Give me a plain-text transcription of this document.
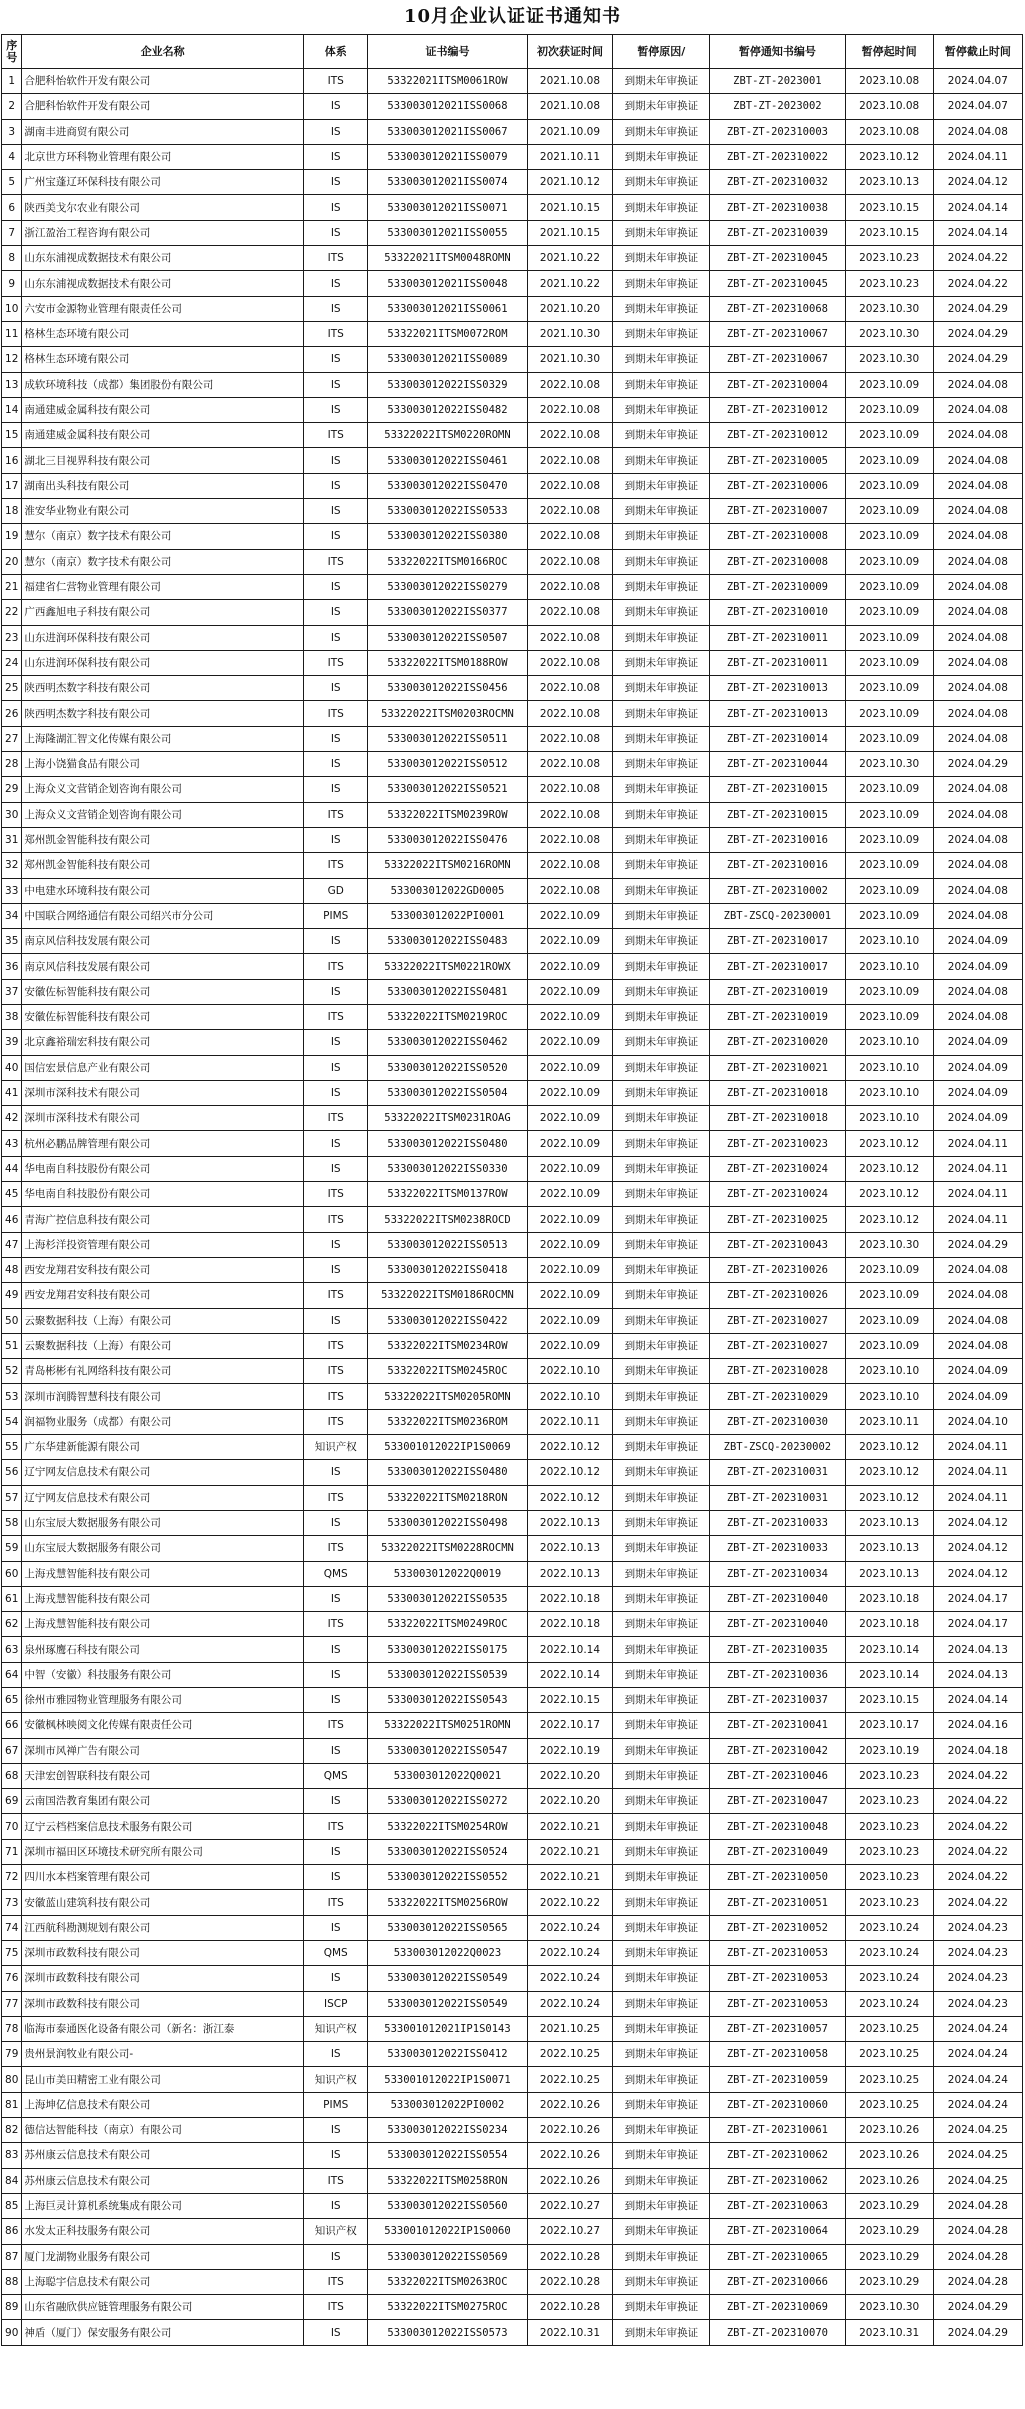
10月企业认证证书通知书
序号	企业名称	体系	证书编号	初次获证时间	暂停原因/	暂停通知书编号	暂停起时间	暂停截止时间
1	合肥科怡软件开发有限公司	ITS	53322021ITSM0061ROW	2021.10.08	到期未年审换证	ZBT-ZT-2023001	2023.10.08	2024.04.07
2	合肥科怡软件开发有限公司	IS	53300301​2021ISS0068	2021.10.08	到期未年审换证	ZBT-ZT-2023002	2023.10.08	2024.04.07
3	湖南丰进商贸有限公司	IS	533003012021ISS0067	2021.10.09	到期未年审换证	ZBT-ZT-202310003	2023.10.08	2024.04.08
4	北京世方环科物业管理有限公司	IS	533003012021ISS0079	2021.10.11	到期未年审换证	ZBT-ZT-202310022	2023.10.12	2024.04.11
5	广州宝蓬辽环保科技有限公司	IS	533003012021ISS0074	2021.10.12	到期未年审换证	ZBT-ZT-202310032	2023.10.13	2024.04.12
6	陕西美戈尔农业有限公司	IS	533003012021ISS0071	2021.10.15	到期未年审换证	ZBT-ZT-202310038	2023.10.15	2024.04.14
7	浙江盈治工程咨询有限公司	IS	533003012021ISS0055	2021.10.15	到期未年审换证	ZBT-ZT-202310039	2023.10.15	2024.04.14
8	山东东浦视成数据技术有限公司	ITS	53322021ITSM0048ROMN	2021.10.22	到期未年审换证	ZBT-ZT-202310045	2023.10.23	2024.04.22
9	山东东浦视成数据技术有限公司	IS	533003012021ISS0048	2021.10.22	到期未年审换证	ZBT-ZT-202310045	2023.10.23	2024.04.22
10	六安市金源物业管理有限责任公司	IS	533003012021ISS0061	2021.10.20	到期未年审换证	ZBT-ZT-202310068	2023.10.30	2024.04.29
11	格林生态环境有限公司	ITS	53322021ITSM0072ROM	2021.10.30	到期未年审换证	ZBT-ZT-202310067	2023.10.30	2024.04.29
12	格林生态环境有限公司	IS	533003012021ISS0089	2021.10.30	到期未年审换证	ZBT-ZT-202310067	2023.10.30	2024.04.29
13	成软环境科技（成都）集团股份有限公司	IS	533003012022ISS0329	2022.10.08	到期未年审换证	ZBT-ZT-202310004	2023.10.09	2024.04.08
14	南通建威金属科技有限公司	IS	533003012022ISS0482	2022.10.08	到期未年审换证	ZBT-ZT-202310012	2023.10.09	2024.04.08
15	南通建威金属科技有限公司	ITS	53322022ITSM0220ROMN	2022.10.08	到期未年审换证	ZBT-ZT-202310012	2023.10.09	2024.04.08
16	湖北三目视界科技有限公司	IS	533003012022ISS0461	2022.10.08	到期未年审换证	ZBT-ZT-202310005	2023.10.09	2024.04.08
17	湖南出头科技有限公司	IS	533003012022ISS0470	2022.10.08	到期未年审换证	ZBT-ZT-202310006	2023.10.09	2024.04.08
18	淮安华业物业有限公司	IS	533003012022ISS0533	2022.10.08	到期未年审换证	ZBT-ZT-202310007	2023.10.09	2024.04.08
19	慧尔（南京）数字技术有限公司	IS	533003012022ISS0380	2022.10.08	到期未年审换证	ZBT-ZT-202310008	2023.10.09	2024.04.08
20	慧尔（南京）数字技术有限公司	ITS	53322022ITSM0166ROC	2022.10.08	到期未年审换证	ZBT-ZT-202310008	2023.10.09	2024.04.08
21	福建省仁营物业管理有限公司	IS	533003012022ISS0279	2022.10.08	到期未年审换证	ZBT-ZT-202310009	2023.10.09	2024.04.08
22	广西鑫旭电子科技有限公司	IS	533003012022ISS0377	2022.10.08	到期未年审换证	ZBT-ZT-202310010	2023.10.09	2024.04.08
23	山东进润环保科技有限公司	IS	533003012022ISS0507	2022.10.08	到期未年审换证	ZBT-ZT-202310011	2023.10.09	2024.04.08
24	山东进润环保科技有限公司	ITS	53322022ITSM0188ROW	2022.10.08	到期未年审换证	ZBT-ZT-202310011	2023.10.09	2024.04.08
25	陕西明杰数字科技有限公司	IS	533003012022ISS0456	2022.10.08	到期未年审换证	ZBT-ZT-202310013	2023.10.09	2024.04.08
26	陕西明杰数字科技有限公司	ITS	53322022ITSM0203ROCMN	2022.10.08	到期未年审换证	ZBT-ZT-202310013	2023.10.09	2024.04.08
27	上海隆湖汇智文化传媒有限公司	IS	533003012022ISS0511	2022.10.08	到期未年审换证	ZBT-ZT-202310014	2023.10.09	2024.04.08
28	上海小饶猫食品有限公司	IS	533003012022ISS0512	2022.10.08	到期未年审换证	ZBT-ZT-202310044	2023.10.30	2024.04.29
29	上海众义文营销企划咨询有限公司	IS	533003012022ISS0521	2022.10.08	到期未年审换证	ZBT-ZT-202310015	2023.10.09	2024.04.08
30	上海众义文营销企划咨询有限公司	ITS	53322022ITSM0239ROW	2022.10.08	到期未年审换证	ZBT-ZT-202310015	2023.10.09	2024.04.08
31	郑州凯金智能科技有限公司	IS	533003012022ISS0476	2022.10.08	到期未年审换证	ZBT-ZT-202310016	2023.10.09	2024.04.08
32	郑州凯金智能科技有限公司	ITS	53322022ITSM0216ROMN	2022.10.08	到期未年审换证	ZBT-ZT-202310016	2023.10.09	2024.04.08
33	中电建水环境科技有限公司	GD	533003012022GD0005	2022.10.08	到期未年审换证	ZBT-ZT-202310002	2023.10.09	2024.04.08
34	中国联合网络通信有限公司绍兴市分公司	PIMS	533003012022PI0001	2022.10.09	到期未年审换证	ZBT-ZSCQ-20230001	2023.10.09	2024.04.08
35	南京风信科技发展有限公司	IS	533003012022ISS0483	2022.10.09	到期未年审换证	ZBT-ZT-202310017	2023.10.10	2024.04.09
36	南京风信科技发展有限公司	ITS	53322022ITSM0221ROWX	2022.10.09	到期未年审换证	ZBT-ZT-202310017	2023.10.10	2024.04.09
37	安徽佐标智能科技有限公司	IS	533003012022ISS0481	2022.10.09	到期未年审换证	ZBT-ZT-202310019	2023.10.09	2024.04.08
38	安徽佐标智能科技有限公司	ITS	53322022ITSM0219ROC	2022.10.09	到期未年审换证	ZBT-ZT-202310019	2023.10.09	2024.04.08
39	北京鑫裕瑞宏科技有限公司	IS	533003012022ISS0462	2022.10.09	到期未年审换证	ZBT-ZT-202310020	2023.10.10	2024.04.09
40	国信宏景信息产业有限公司	IS	533003012022ISS0520	2022.10.09	到期未年审换证	ZBT-ZT-202310021	2023.10.10	2024.04.09
41	深圳市深科技术有限公司	IS	533003012022ISS0504	2022.10.09	到期未年审换证	ZBT-ZT-202310018	2023.10.10	2024.04.09
42	深圳市深科技术有限公司	ITS	53322022ITSM0231ROAG	2022.10.09	到期未年审换证	ZBT-ZT-202310018	2023.10.10	2024.04.09
43	杭州必鹏品牌管理有限公司	IS	533003012022ISS0480	2022.10.09	到期未年审换证	ZBT-ZT-202310023	2023.10.12	2024.04.11
44	华电南自科技股份有限公司	IS	533003012022ISS0330	2022.10.09	到期未年审换证	ZBT-ZT-202310024	2023.10.12	2024.04.11
45	华电南自科技股份有限公司	ITS	53322022ITSM0137ROW	2022.10.09	到期未年审换证	ZBT-ZT-202310024	2023.10.12	2024.04.11
46	青海广控信息科技有限公司	ITS	53322022ITSM0238ROCD	2022.10.09	到期未年审换证	ZBT-ZT-202310025	2023.10.12	2024.04.11
47	上海杉洋投资管理有限公司	IS	533003012022ISS0513	2022.10.09	到期未年审换证	ZBT-ZT-202310043	2023.10.30	2024.04.29
48	西安龙翔君安科技有限公司	IS	533003012022ISS0418	2022.10.09	到期未年审换证	ZBT-ZT-202310026	2023.10.09	2024.04.08
49	西安龙翔君安科技有限公司	ITS	53322022ITSM0186ROCMN	2022.10.09	到期未年审换证	ZBT-ZT-202310026	2023.10.09	2024.04.08
50	云聚数据科技（上海）有限公司	IS	533003012022ISS0422	2022.10.09	到期未年审换证	ZBT-ZT-202310027	2023.10.09	2024.04.08
51	云聚数据科技（上海）有限公司	ITS	53322022ITSM0234ROW	2022.10.09	到期未年审换证	ZBT-ZT-202310027	2023.10.09	2024.04.08
52	青岛彬彬有礼网络科技有限公司	ITS	53322022ITSM0245ROC	2022.10.10	到期未年审换证	ZBT-ZT-202310028	2023.10.10	2024.04.09
53	深圳市润腾智慧科技有限公司	ITS	53322022ITSM0205ROMN	2022.10.10	到期未年审换证	ZBT-ZT-202310029	2023.10.10	2024.04.09
54	润福物业服务（成都）有限公司	ITS	53322022ITSM0236ROM	2022.10.11	到期未年审换证	ZBT-ZT-202310030	2023.10.11	2024.04.10
55	广东华建新能源有限公司	知识产权	533001012022IP1S0069	2022.10.12	到期未年审换证	ZBT-ZSCQ-20230002	2023.10.12	2024.04.11
56	辽宁网友信息技术有限公司	IS	533003012022ISS0480	2022.10.12	到期未年审换证	ZBT-ZT-202310031	2023.10.12	2024.04.11
57	辽宁网友信息技术有限公司	ITS	53322022ITSM0218RON	2022.10.12	到期未年审换证	ZBT-ZT-202310031	2023.10.12	2024.04.11
58	山东宝辰大数据服务有限公司	IS	533003012022ISS0498	2022.10.13	到期未年审换证	ZBT-ZT-202310033	2023.10.13	2024.04.12
59	山东宝辰大数据服务有限公司	ITS	53322022ITSM0228ROCMN	2022.10.13	到期未年审换证	ZBT-ZT-202310033	2023.10.13	2024.04.12
60	上海戎慧智能科技有限公司	QMS	533003012022Q0019	2022.10.13	到期未年审换证	ZBT-ZT-202310034	2023.10.13	2024.04.12
61	上海戎慧智能科技有限公司	IS	533003012022ISS0535	2022.10.18	到期未年审换证	ZBT-ZT-202310040	2023.10.18	2024.04.17
62	上海戎慧智能科技有限公司	ITS	53322022ITSM0249ROC	2022.10.18	到期未年审换证	ZBT-ZT-202310040	2023.10.18	2024.04.17
63	泉州琢鹰石科技有限公司	IS	533003012022ISS0175	2022.10.14	到期未年审换证	ZBT-ZT-202310035	2023.10.14	2024.04.13
64	中智（安徽）科技服务有限公司	IS	533003012022ISS0539	2022.10.14	到期未年审换证	ZBT-ZT-202310036	2023.10.14	2024.04.13
65	徐州市雅园物业管理服务有限公司	IS	533003012022ISS0543	2022.10.15	到期未年审换证	ZBT-ZT-202310037	2023.10.15	2024.04.14
66	安徽枫林映阅文化传媒有限责任公司	ITS	53322022ITSM0251ROMN	2022.10.17	到期未年审换证	ZBT-ZT-202310041	2023.10.17	2024.04.16
67	深圳市风禅广告有限公司	IS	533003012022ISS0547	2022.10.19	到期未年审换证	ZBT-ZT-202310042	2023.10.19	2024.04.18
68	天津宏创智联科技有限公司	QMS	533003012022Q0021	2022.10.20	到期未年审换证	ZBT-ZT-202310046	2023.10.23	2024.04.22
69	云南国浩教育集团有限公司	IS	533003012022ISS0272	2022.10.20	到期未年审换证	ZBT-ZT-202310047	2023.10.23	2024.04.22
70	辽宁云档档案信息技术服务有限公司	ITS	53322022ITSM0254ROW	2022.10.21	到期未年审换证	ZBT-ZT-202310048	2023.10.23	2024.04.22
71	深圳市福田区环境技术研究所有限公司	IS	533003012022ISS0524	2022.10.21	到期未年审换证	ZBT-ZT-202310049	2023.10.23	2024.04.22
72	四川水本档案管理有限公司	IS	533003012022ISS0552	2022.10.21	到期未年审换证	ZBT-ZT-202310050	2023.10.23	2024.04.22
73	安徽蓝山建筑科技有限公司	ITS	53322022ITSM0256ROW	2022.10.22	到期未年审换证	ZBT-ZT-202310051	2023.10.23	2024.04.22
74	江西航科勘测规划有限公司	IS	533003012022ISS0565	2022.10.24	到期未年审换证	ZBT-ZT-202310052	2023.10.24	2024.04.23
75	深圳市政数科技有限公司	QMS	533003012022Q0023	2022.10.24	到期未年审换证	ZBT-ZT-202310053	2023.10.24	2024.04.23
76	深圳市政数科技有限公司	IS	533003012022ISS0549	2022.10.24	到期未年审换证	ZBT-ZT-202310053	2023.10.24	2024.04.23
77	深圳市政数科技有限公司	ISCP	533003012022ISS0549	2022.10.24	到期未年审换证	ZBT-ZT-202310053	2023.10.24	2024.04.23
78	临海市泰通医化设备有限公司（新名：浙江泰	知识产权	533001012021IP1S0143	2021.10.25	到期未年审换证	ZBT-ZT-202310057	2023.10.25	2024.04.24
79	贵州景润牧业有限公司-	IS	533003012022ISS0412	2022.10.25	到期未年审换证	ZBT-ZT-202310058	2023.10.25	2024.04.24
80	昆山市美田精密工业有限公司	知识产权	533001012022IP1S0071	2022.10.25	到期未年审换证	ZBT-ZT-202310059	2023.10.25	2024.04.24
81	上海坤亿信息技术有限公司	PIMS	533003012022PI0002	2022.10.26	到期未年审换证	ZBT-ZT-202310060	2023.10.25	2024.04.24
82	德信达智能科技（南京）有限公司	IS	533003012022ISS0234	2022.10.26	到期未年审换证	ZBT-ZT-202310061	2023.10.26	2024.04.25
83	苏州康云信息技术有限公司	IS	533003012022ISS0554	2022.10.26	到期未年审换证	ZBT-ZT-202310062	2023.10.26	2024.04.25
84	苏州康云信息技术有限公司	ITS	53322022ITSM0258RON	2022.10.26	到期未年审换证	ZBT-ZT-202310062	2023.10.26	2024.04.25
85	上海巨灵计算机系统集成有限公司	IS	533003012022ISS0560	2022.10.27	到期未年审换证	ZBT-ZT-202310063	2023.10.29	2024.04.28
86	水发太正科技服务有限公司	知识产权	533001012022IP1S0060	2022.10.27	到期未年审换证	ZBT-ZT-202310064	2023.10.29	2024.04.28
87	厦门龙湖物业服务有限公司	IS	533003012022ISS0569	2022.10.28	到期未年审换证	ZBT-ZT-202310065	2023.10.29	2024.04.28
88	上海聪宇信息技术有限公司	ITS	53322022ITSM0263ROC	2022.10.28	到期未年审换证	ZBT-ZT-202310066	2023.10.29	2024.04.28
89	山东省融欣供应链管理服务有限公司	ITS	53322022ITSM0275ROC	2022.10.28	到期未年审换证	ZBT-ZT-202310069	2023.10.30	2024.04.29
90	神盾（厦门）保安服务有限公司	IS	533003012022ISS0573	2022.10.31	到期未年审换证	ZBT-ZT-202310070	2023.10.31	2024.04.29
